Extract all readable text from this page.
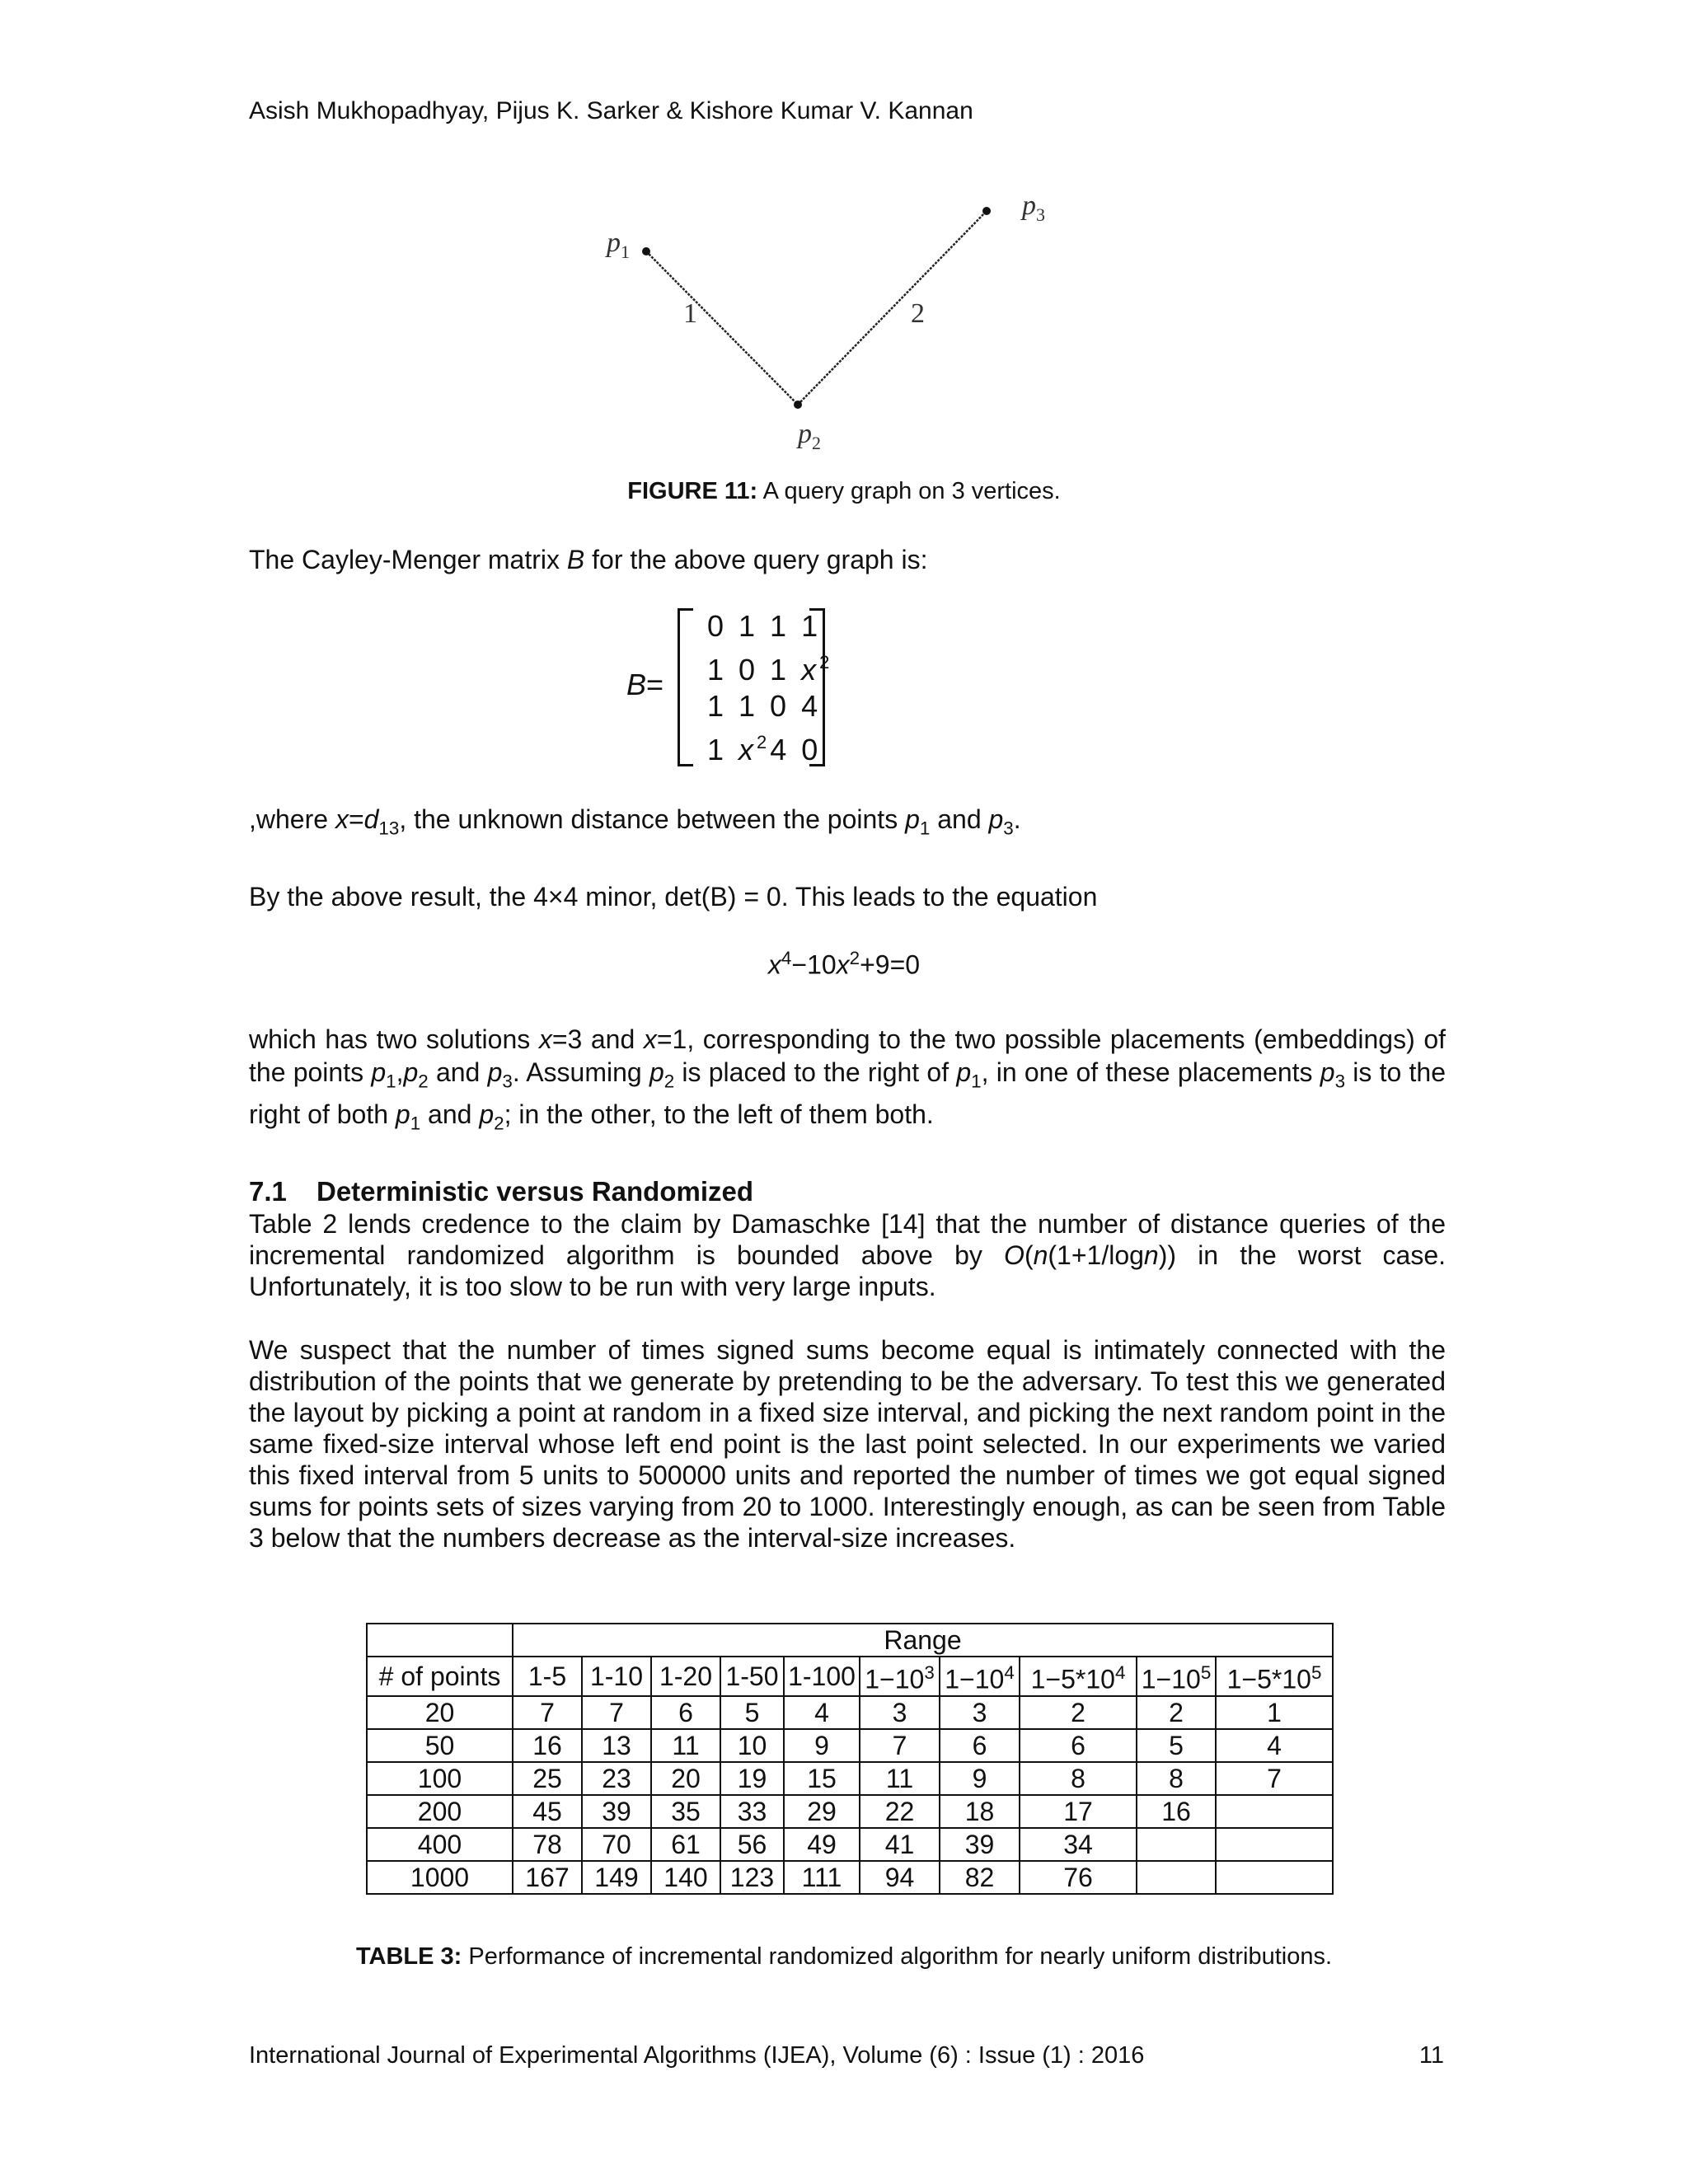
Asish Mukhopadhyay, Pijus K. Sarker & Kishore Kumar V. Kannan
$p_1$
$p_2$
$p_3$
1	2
FIGURE 11: A query graph on 3 vertices.
The Cayley-Menger matrix B for the above query graph is:
B=
0 1 1 1
1 0 1 $x^2$
1 1 0 4
1 $x^24$ 0
,where $x=d_{13}$, the unknown distance between the points $p_1$ and $p_3$.
By the above result, the 4×4 minor, det(B) = 0. This leads to the equation
$x^4-10x^2+9=0$
which has two solutions x=3 and x=1, corresponding to the two possible placements (embeddings) of the points $p_1,p_2$ and $p_3$. Assuming $p_2$ is placed to the right of $p_1$, in one of these placements $p_3$ is to the right of both $p_1$ and $p_2$; in the other, to the left of them both.
7.1 Deterministic versus Randomized
Table 2 lends credence to the claim by Damaschke [14] that the number of distance queries of the incremental randomized algorithm is bounded above by O(n(1+1/logn)) in the worst case. Unfortunately, it is too slow to be run with very large inputs.
We suspect that the number of times signed sums become equal is intimately connected with the distribution of the points that we generate by pretending to be the adversary. To test this we generated the layout by picking a point at random in a fixed size interval, and picking the next random point in the same fixed-size interval whose left end point is the last point selected. In our experiments we varied this fixed interval from 5 units to 500000 units and reported the number of times we got equal signed sums for points sets of sizes varying from 20 to 1000. Interestingly enough, as can be seen from Table 3 below that the numbers decrease as the interval-size increases.
	Range									
# of points	1-5	1-10	1-20	1-50	1-100	$1-10^3$	$1-10^4$	$1-5*10^4$	$1-10^5$	$1-5*10^5$
20	7	7	6	5	4	3	3	2	2	1
50	16	13	11	10	9	7	6	6	5	4
100	25	23	20	19	15	11	9	8	8	7
200	45	39	35	33	29	22	18	17	16	
400	78	70	61	56	49	41	39	34		
1000	167	149	140	123	111	94	82	76		
TABLE 3: Performance of incremental randomized algorithm for nearly uniform distributions.
International Journal of Experimental Algorithms (IJEA), Volume (6) : Issue (1) : 2016	11
